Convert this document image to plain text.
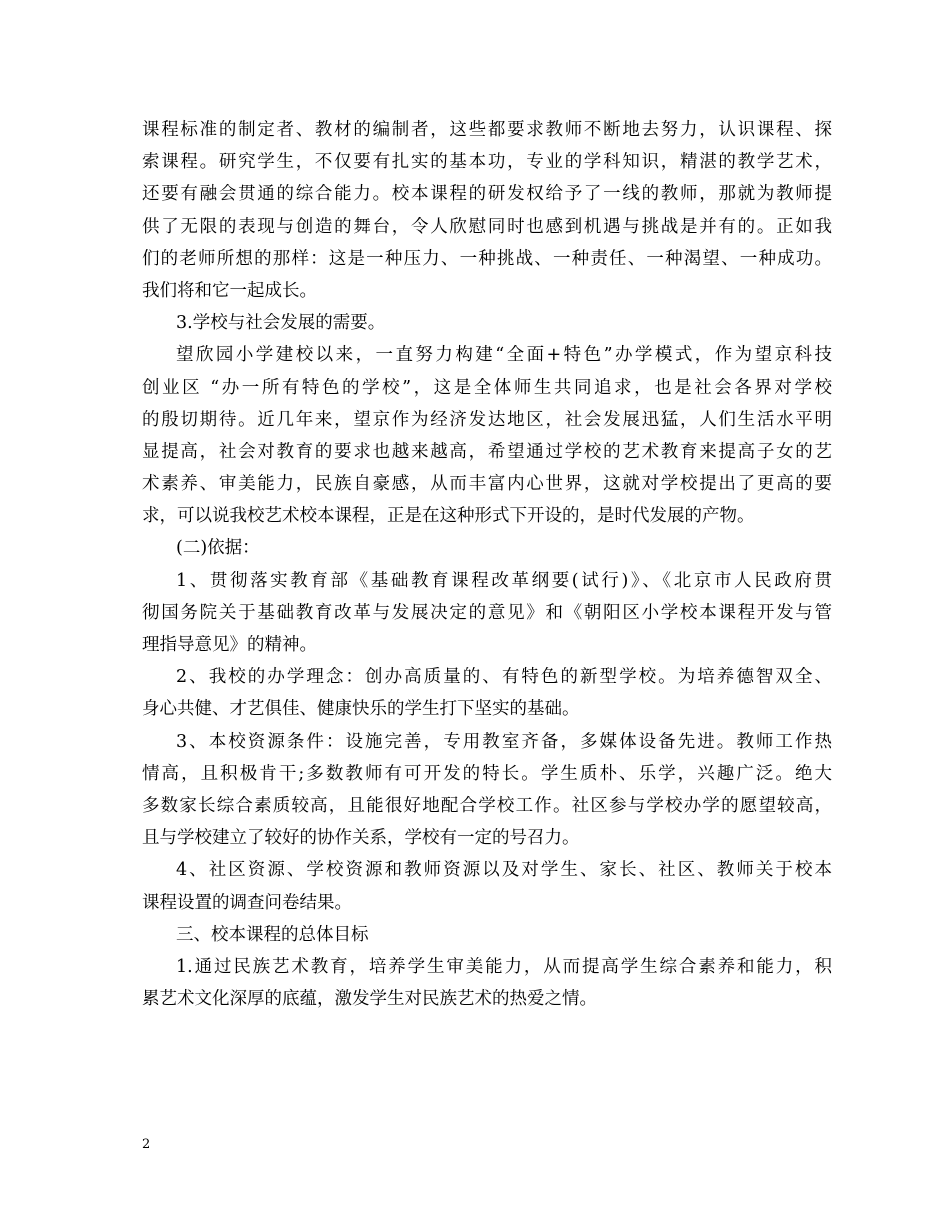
课程标准的制定者、教材的编制者，这些都要求教师不断地去努力，认识课程、探
索课程。研究学生，不仅要有扎实的基本功，专业的学科知识，精湛的教学艺术，
还要有融会贯通的综合能力。校本课程的研发权给予了一线的教师，那就为教师提
供了无限的表现与创造的舞台，令人欣慰同时也感到机遇与挑战是并有的。正如我
们的老师所想的那样：这是一种压力、一种挑战、一种责任、一种渴望、一种成功。
我们将和它一起成长。
3.学校与社会发展的需要。
望欣园小学建校以来，一直努力构建“全面+特色”办学模式，作为望京科技
创业区 “办一所有特色的学校”，这是全体师生共同追求，也是社会各界对学校
的殷切期待。近几年来，望京作为经济发达地区，社会发展迅猛，人们生活水平明
显提高，社会对教育的要求也越来越高，希望通过学校的艺术教育来提高子女的艺
术素养、审美能力，民族自豪感，从而丰富内心世界，这就对学校提出了更高的要
求，可以说我校艺术校本课程，正是在这种形式下开设的，是时代发展的产物。
(二)依据：
1、贯彻落实教育部《基础教育课程改革纲要(试行)》、《北京市人民政府贯
彻国务院关于基础教育改革与发展决定的意见》和《朝阳区小学校本课程开发与管
理指导意见》的精神。
2、我校的办学理念：创办高质量的、有特色的新型学校。为培养德智双全、
身心共健、才艺俱佳、健康快乐的学生打下坚实的基础。
3、本校资源条件：设施完善，专用教室齐备，多媒体设备先进。教师工作热
情高，且积极肯干;多数教师有可开发的特长。学生质朴、乐学，兴趣广泛。绝大
多数家长综合素质较高，且能很好地配合学校工作。社区参与学校办学的愿望较高，
且与学校建立了较好的协作关系，学校有一定的号召力。
4、社区资源、学校资源和教师资源以及对学生、家长、社区、教师关于校本
课程设置的调查问卷结果。
三、校本课程的总体目标
1.通过民族艺术教育，培养学生审美能力，从而提高学生综合素养和能力，积
累艺术文化深厚的底蕴，激发学生对民族艺术的热爱之情。
2
